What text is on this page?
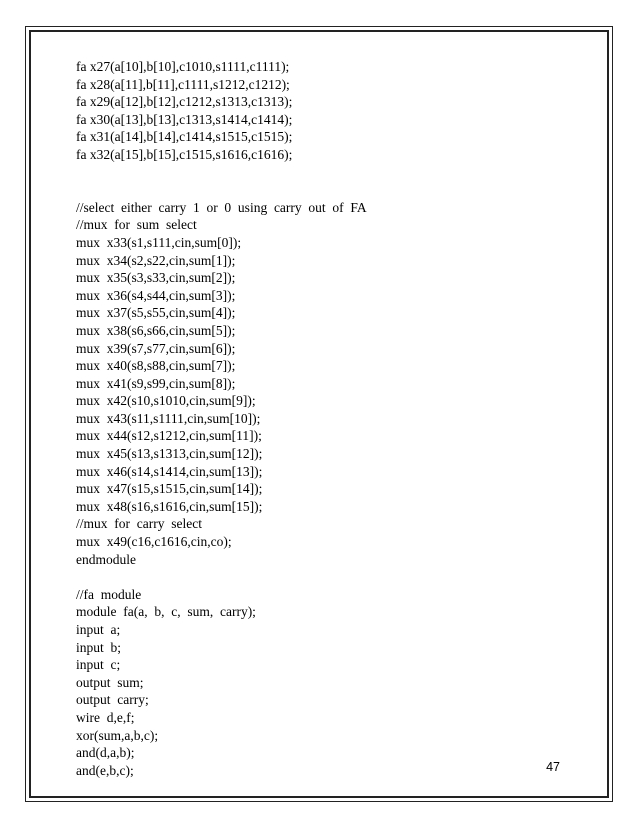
fa x27(a[10],b[10],c1010,s1111,c1111);
fa x28(a[11],b[11],c1111,s1212,c1212);
fa x29(a[12],b[12],c1212,s1313,c1313);
fa x30(a[13],b[13],c1313,s1414,c1414);
fa x31(a[14],b[14],c1414,s1515,c1515);
fa x32(a[15],b[15],c1515,s1616,c1616);
//select  either  carry  1  or  0  using  carry  out  of  FA
//mux  for  sum  select
mux  x33(s1,s111,cin,sum[0]);
mux  x34(s2,s22,cin,sum[1]);
mux  x35(s3,s33,cin,sum[2]);
mux  x36(s4,s44,cin,sum[3]);
mux  x37(s5,s55,cin,sum[4]);
mux  x38(s6,s66,cin,sum[5]);
mux  x39(s7,s77,cin,sum[6]);
mux  x40(s8,s88,cin,sum[7]);
mux  x41(s9,s99,cin,sum[8]);
mux  x42(s10,s1010,cin,sum[9]);
mux  x43(s11,s1111,cin,sum[10]);
mux  x44(s12,s1212,cin,sum[11]);
mux  x45(s13,s1313,cin,sum[12]);
mux  x46(s14,s1414,cin,sum[13]);
mux  x47(s15,s1515,cin,sum[14]);
mux  x48(s16,s1616,cin,sum[15]);
//mux  for  carry  select
mux  x49(c16,c1616,cin,co);
endmodule
//fa  module
module  fa(a,  b,  c,  sum,  carry);
input  a;
input  b;
input  c;
output  sum;
output  carry;
wire  d,e,f;
xor(sum,a,b,c);
and(d,a,b);
and(e,b,c);	47
